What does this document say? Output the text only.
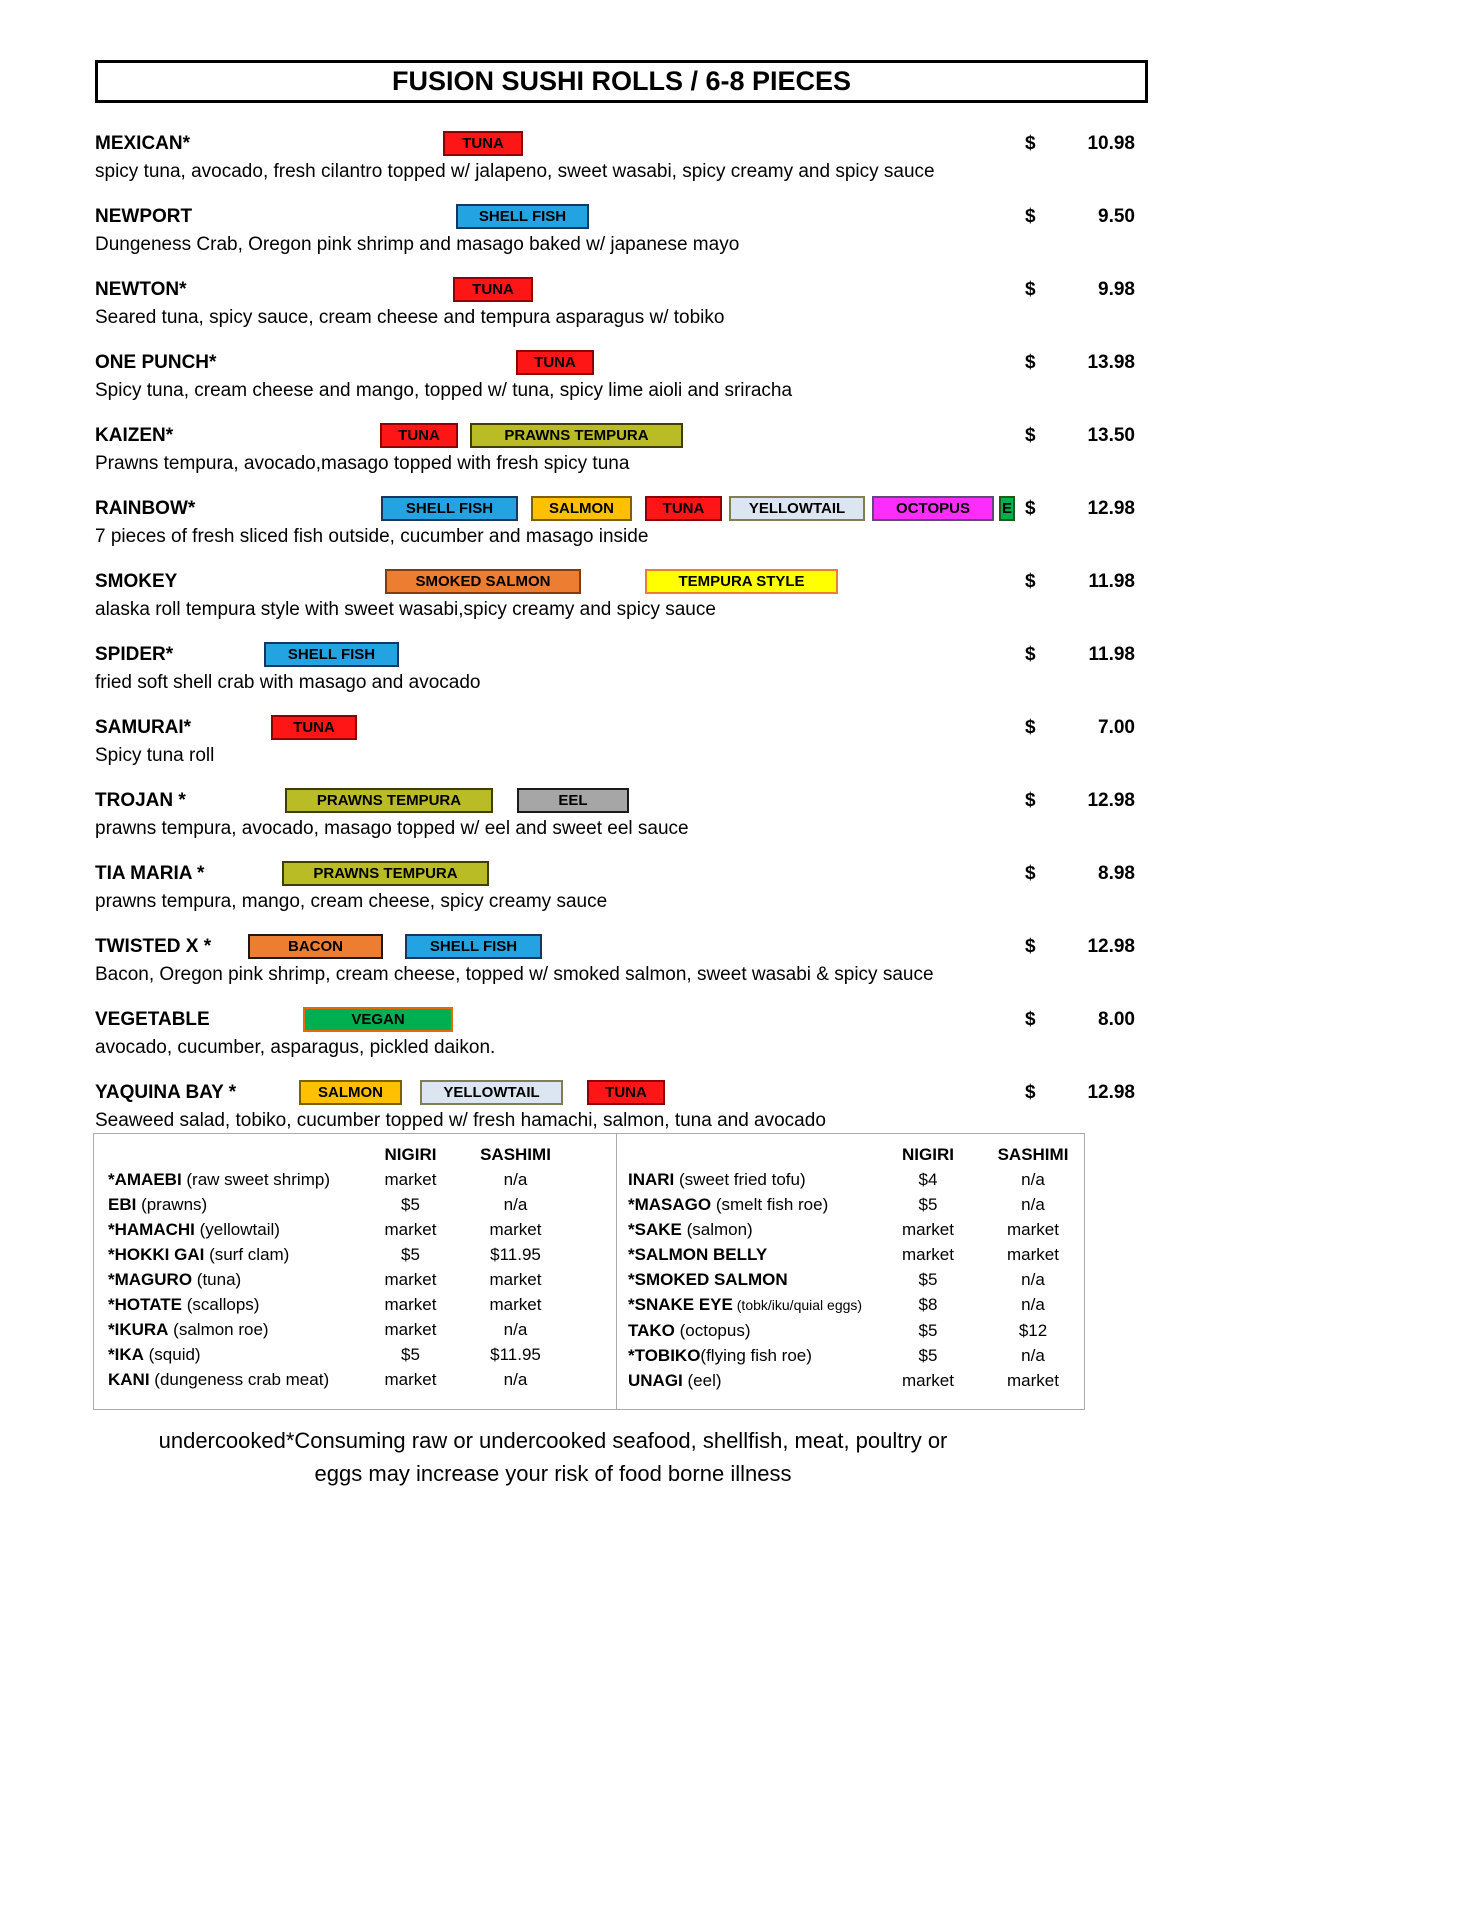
FUSION SUSHI ROLLS / 6-8 PIECES
MEXICAN*	TUNA	$	10.98
spicy tuna, avocado, fresh cilantro topped w/ jalapeno, sweet wasabi, spicy creamy and spicy sauce
NEWPORT	SHELL FISH	$	9.50
Dungeness Crab, Oregon pink shrimp and masago baked w/ japanese mayo
NEWTON*	TUNA	$	9.98
Seared tuna, spicy sauce, cream cheese and tempura asparagus w/ tobiko
ONE PUNCH*	TUNA	$	13.98
Spicy tuna, cream cheese and mango, topped w/ tuna, spicy lime aioli and sriracha
KAIZEN*	TUNA	PRAWNS TEMPURA	$	13.50
Prawns tempura, avocado,masago topped with fresh spicy tuna
RAINBOW*	SHELL FISH	SALMON	TUNA	YELLOWTAIL	OCTOPUS	E $	12.98
7 pieces of fresh sliced fish outside, cucumber and masago inside
SMOKEY	SMOKED SALMON	TEMPURA STYLE	$	11.98
alaska roll tempura style with sweet wasabi,spicy creamy and spicy sauce
SPIDER*	SHELL FISH	$	11.98
fried soft shell crab with masago and avocado
SAMURAI*	TUNA	$	7.00
Spicy tuna roll
TROJAN *	PRAWNS TEMPURA	EEL	$	12.98
prawns tempura, avocado, masago topped w/ eel and sweet eel sauce
TIA MARIA *	PRAWNS TEMPURA	$	8.98
prawns tempura, mango, cream cheese, spicy creamy sauce
TWISTED X *	BACON	SHELL FISH	$	12.98
Bacon, Oregon pink shrimp, cream cheese, topped w/ smoked salmon, sweet wasabi & spicy sauce
VEGETABLE	VEGAN	$	8.00
avocado, cucumber, asparagus, pickled daikon.
YAQUINA BAY *	SALMON	YELLOWTAIL	TUNA	$	12.98
Seaweed salad, tobiko, cucumber topped w/ fresh hamachi, salmon, tuna and avocado
NIGIRI	SASHIMI
*AMAEBI (raw sweet shrimp)	market	n/a
EBI (prawns)	$5	n/a
*HAMACHI (yellowtail)	market	market
*HOKKI GAI (surf clam)	$5	$11.95
*MAGURO (tuna)	market	market
*HOTATE (scallops)	market	market
*IKURA (salmon roe)	market	n/a
*IKA (squid)	$5	$11.95
KANI (dungeness crab meat)	market	n/a
NIGIRI	SASHIMI
INARI (sweet fried tofu)	$4	n/a
*MASAGO (smelt fish roe)	$5	n/a
*SAKE (salmon)	market	market
*SALMON BELLY	market	market
*SMOKED SALMON	$5	n/a
*SNAKE EYE (tobk/iku/quial eggs)	$8	n/a
TAKO (octopus)	$5	$12
*TOBIKO(flying fish roe)	$5	n/a
UNAGI (eel)	market	market
undercooked*Consuming raw or undercooked seafood, shellfish, meat, poultry or
eggs may increase your risk of food borne illness
